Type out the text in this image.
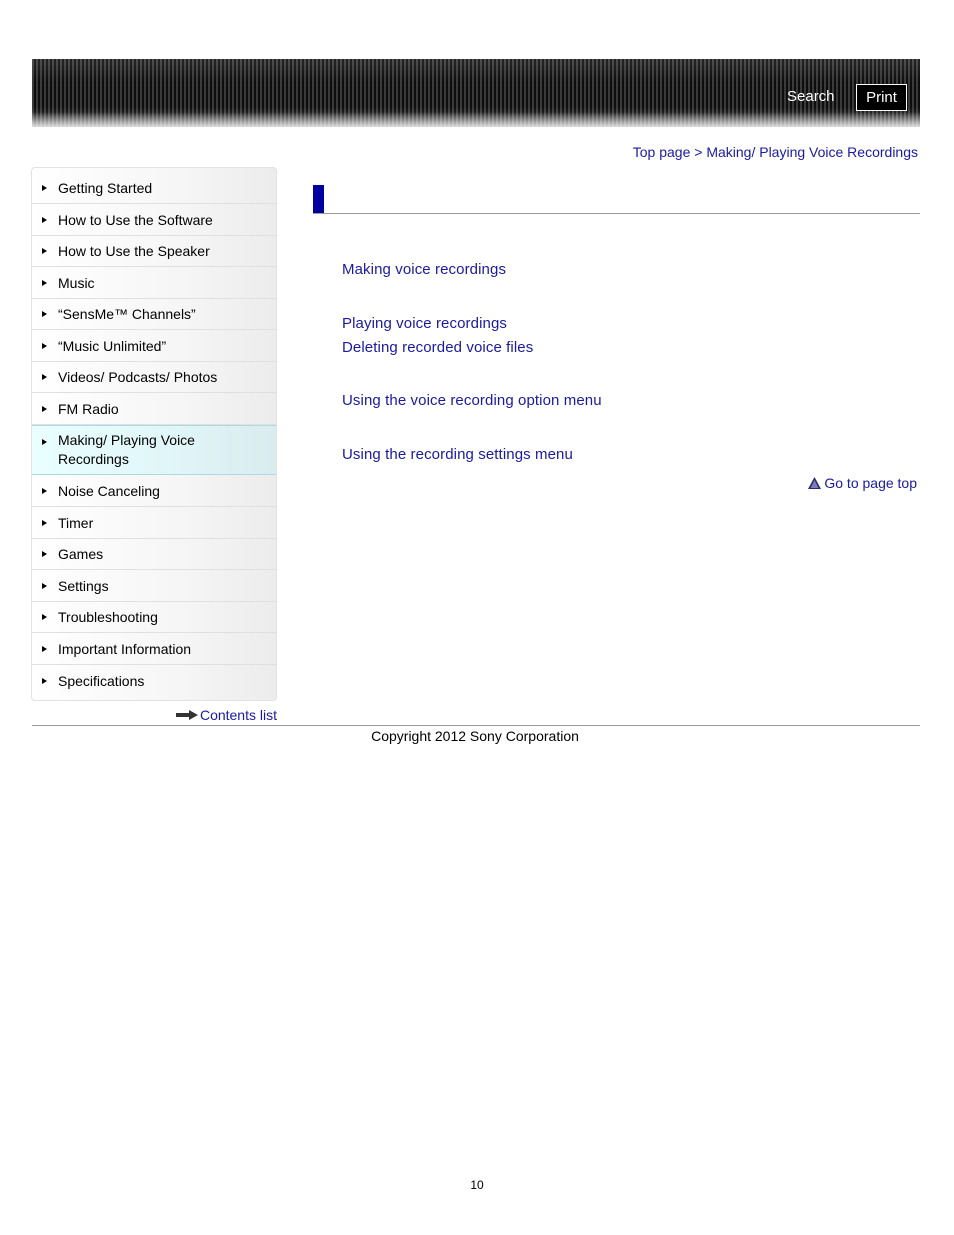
Search	Print
Top page > Making/ Playing Voice Recordings
Getting Started
How to Use the Software
How to Use the Speaker
Music
“SensMe™ Channels”
“Music Unlimited”
Videos/ Podcasts/ Photos
FM Radio
Making/ Playing Voice Recordings
Noise Canceling
Timer
Games
Settings
Troubleshooting
Important Information
Specifications
Contents list
Making voice recordings
Playing voice recordings
Deleting recorded voice files
Using the voice recording option menu
Using the recording settings menu
Go to page top
Copyright 2012 Sony Corporation
10
